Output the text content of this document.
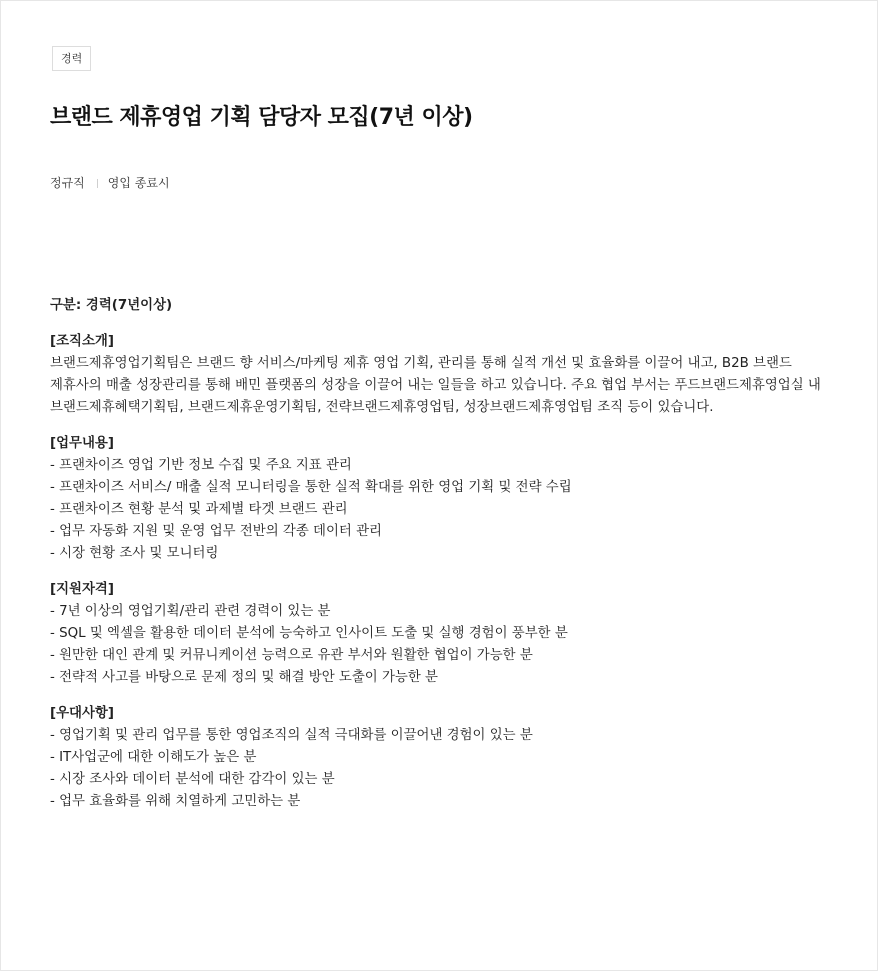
경력
브랜드 제휴영업 기획 담당자 모집(7년 이상)
정규직 영입 종료시
구분: 경력(7년이상)
[조직소개]
브랜드제휴영업기획팀은 브랜드 향 서비스/마케팅 제휴 영업 기획, 관리를 통해 실적 개선 및 효율화를 이끌어 내고, B2B 브랜드 제휴사의 매출 성장관리를 통해 배민 플랫폼의 성장을 이끌어 내는 일들을 하고 있습니다. 주요 협업 부서는 푸드브랜드제휴영업실 내 브랜드제휴혜택기획팀, 브랜드제휴운영기획팀, 전략브랜드제휴영업팀, 성장브랜드제휴영업팀 조직 등이 있습니다.
[업무내용]
- 프랜차이즈 영업 기반 정보 수집 및 주요 지표 관리
- 프랜차이즈 서비스/ 매출 실적 모니터링을 통한 실적 확대를 위한 영업 기획 및 전략 수립
- 프랜차이즈 현황 분석 및 과제별 타겟 브랜드 관리
- 업무 자동화 지원 및 운영 업무 전반의 각종 데이터 관리
- 시장 현황 조사 및 모니터링
[지원자격]
- 7년 이상의 영업기획/관리 관련 경력이 있는 분
- SQL 및 엑셀을 활용한 데이터 분석에 능숙하고 인사이트 도출 및 실행 경험이 풍부한 분
- 원만한 대인 관계 및 커뮤니케이션 능력으로 유관 부서와 원활한 협업이 가능한 분
- 전략적 사고를 바탕으로 문제 정의 및 해결 방안 도출이 가능한 분
[우대사항]
- 영업기획 및 관리 업무를 통한 영업조직의 실적 극대화를 이끌어낸 경험이 있는 분
- IT사업군에 대한 이해도가 높은 분
- 시장 조사와 데이터 분석에 대한 감각이 있는 분
- 업무 효율화를 위해 치열하게 고민하는 분
